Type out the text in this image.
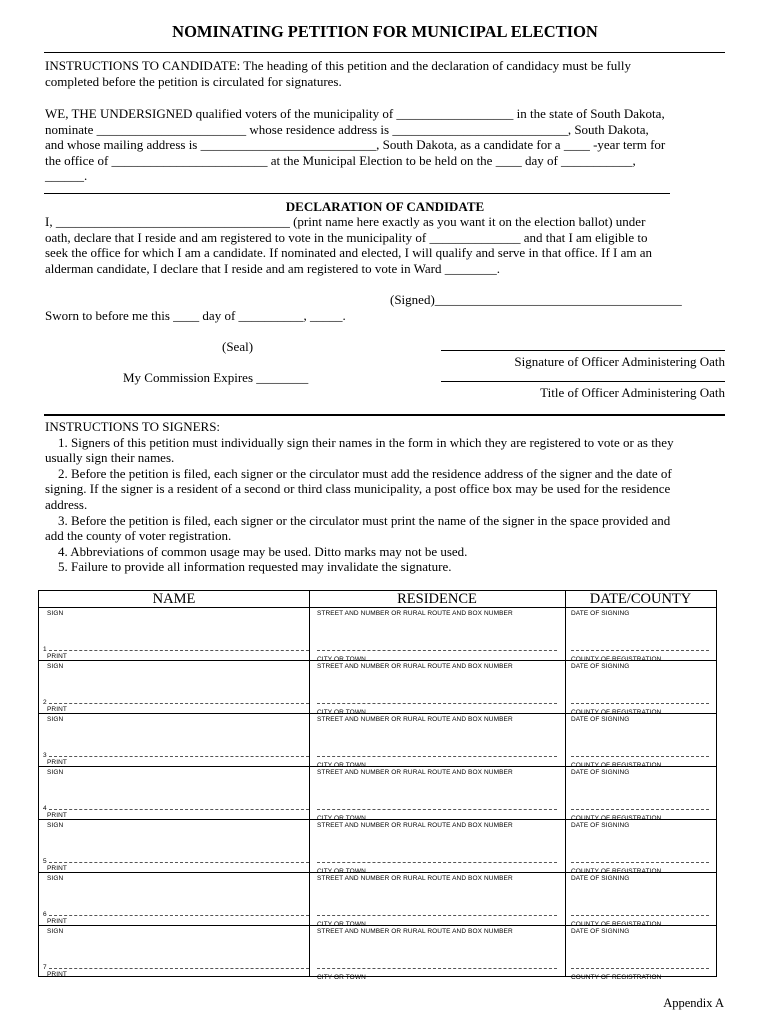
NOMINATING PETITION FOR MUNICIPAL ELECTION
INSTRUCTIONS TO CANDIDATE: The heading of this petition and the declaration of candidacy must be fully
completed before the petition is circulated for signatures.
WE, THE UNDERSIGNED qualified voters of the municipality of __________________ in the state of South Dakota,
nominate _______________________ whose residence address is ___________________________, South Dakota,
and whose mailing address is ___________________________, South Dakota, as a candidate for a ____ -year term for
the office of ________________________ at the Municipal Election to be held on the ____ day of ___________,
______.
DECLARATION OF CANDIDATE
I, ____________________________________ (print name here exactly as you want it on the election ballot) under
oath, declare that I reside and am registered to vote in the municipality of ______________ and that I am eligible to
seek the office for which I am a candidate. If nominated and elected, I will qualify and serve in that office. If I am an
alderman candidate, I declare that I reside and am registered to vote in Ward ________.
(Signed)______________________________________
Sworn to before me this ____ day of __________, _____.
(Seal)
Signature of Officer Administering Oath
My Commission Expires ________
Title of Officer Administering Oath
INSTRUCTIONS TO SIGNERS:
1. Signers of this petition must individually sign their names in the form in which they are registered to vote or as they
usually sign their names.
2. Before the petition is filed, each signer or the circulator must add the residence address of the signer and the date of
signing. If the signer is a resident of a second or third class municipality, a post office box may be used for the residence
address.
3. Before the petition is filed, each signer or the circulator must print the name of the signer in the space provided and
add the county of voter registration.
4. Abbreviations of common usage may be used. Ditto marks may not be used.
5. Failure to provide all information requested may invalidate the signature.
NAME	RESIDENCE	DATE/COUNTY
SIGN
1
PRINT
STREET AND NUMBER OR RURAL ROUTE AND BOX NUMBER
CITY OR TOWN
DATE OF SIGNING
COUNTY OF REGISTRATION
SIGN
2
PRINT
STREET AND NUMBER OR RURAL ROUTE AND BOX NUMBER
CITY OR TOWN
DATE OF SIGNING
COUNTY OF REGISTRATION
SIGN
3
PRINT
STREET AND NUMBER OR RURAL ROUTE AND BOX NUMBER
CITY OR TOWN
DATE OF SIGNING
COUNTY OF REGISTRATION
SIGN
4
PRINT
STREET AND NUMBER OR RURAL ROUTE AND BOX NUMBER
CITY OR TOWN
DATE OF SIGNING
COUNTY OF REGISTRATION
SIGN
5
PRINT
STREET AND NUMBER OR RURAL ROUTE AND BOX NUMBER
CITY OR TOWN
DATE OF SIGNING
COUNTY OF REGISTRATION
SIGN
6
PRINT
STREET AND NUMBER OR RURAL ROUTE AND BOX NUMBER
CITY OR TOWN
DATE OF SIGNING
COUNTY OF REGISTRATION
SIGN
7
PRINT
STREET AND NUMBER OR RURAL ROUTE AND BOX NUMBER
CITY OR TOWN
DATE OF SIGNING
COUNTY OF REGISTRATION
Appendix A
